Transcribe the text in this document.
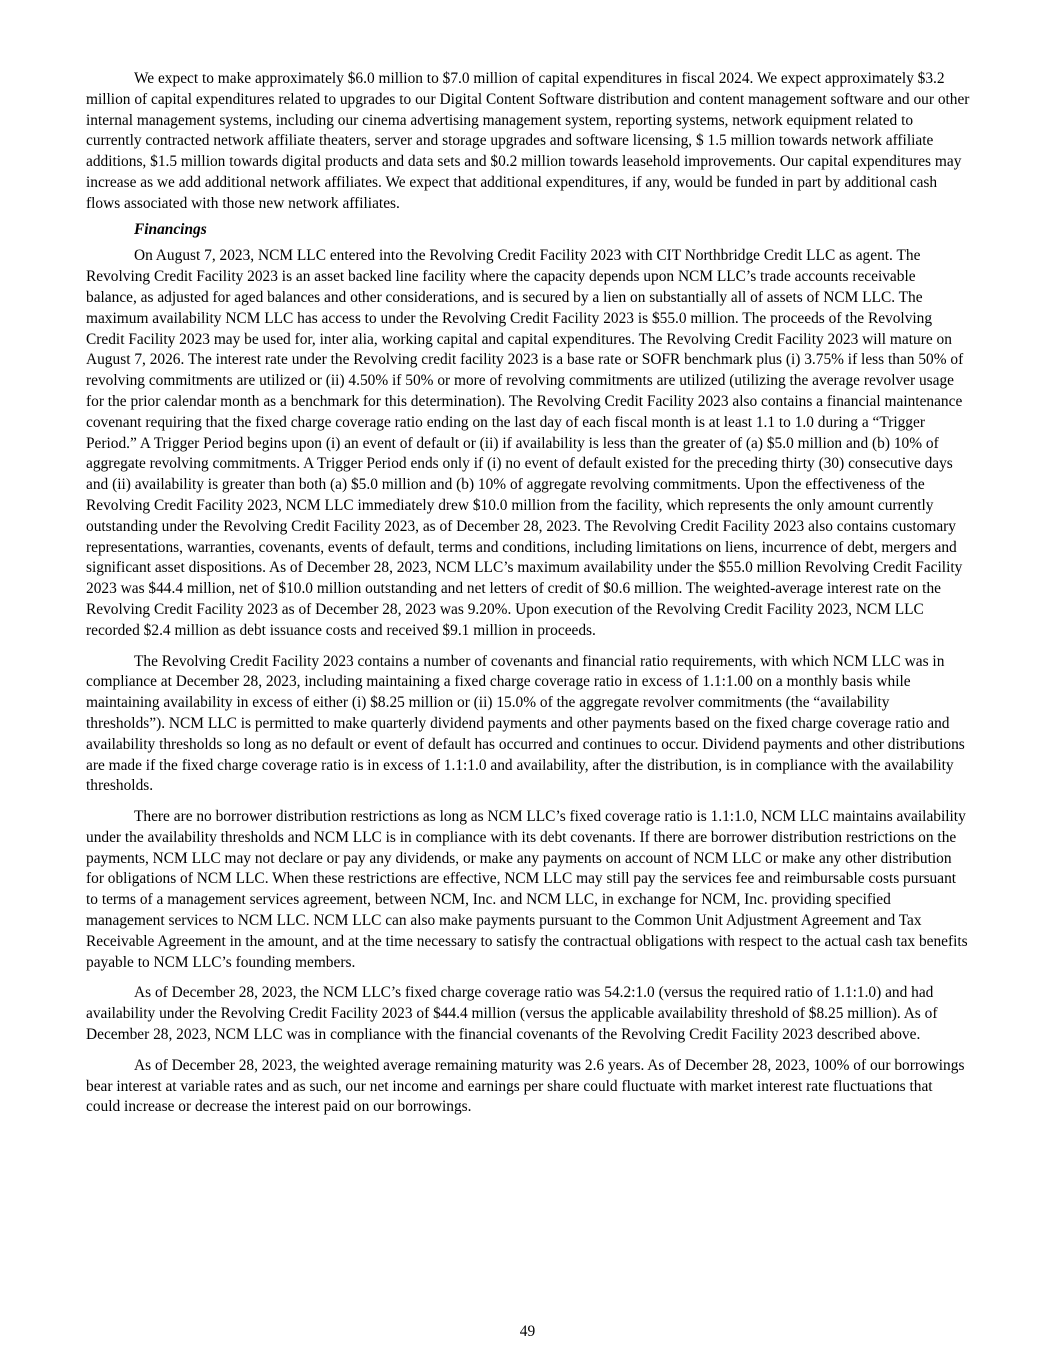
We expect to make approximately $6.0 million to $7.0 million of capital expenditures in fiscal 2024. We expect approximately $3.2 million of capital expenditures related to upgrades to our Digital Content Software distribution and content management software and our other internal management systems, including our cinema advertising management system, reporting systems, network equipment related to currently contracted network affiliate theaters, server and storage upgrades and software licensing, $ 1.5 million towards network affiliate additions, $1.5 million towards digital products and data sets and $0.2 million towards leasehold improvements. Our capital expenditures may increase as we add additional network affiliates. We expect that additional expenditures, if any, would be funded in part by additional cash flows associated with those new network affiliates.

Financings

On August 7, 2023, NCM LLC entered into the Revolving Credit Facility 2023 with CIT Northbridge Credit LLC as agent. The Revolving Credit Facility 2023 is an asset backed line facility where the capacity depends upon NCM LLC’s trade accounts receivable balance, as adjusted for aged balances and other considerations, and is secured by a lien on substantially all of assets of NCM LLC. The maximum availability NCM LLC has access to under the Revolving Credit Facility 2023 is $55.0 million. The proceeds of the Revolving Credit Facility 2023 may be used for, inter alia, working capital and capital expenditures. The Revolving Credit Facility 2023 will mature on August 7, 2026. The interest rate under the Revolving credit facility 2023 is a base rate or SOFR benchmark plus (i) 3.75% if less than 50% of revolving commitments are utilized or (ii) 4.50% if 50% or more of revolving commitments are utilized (utilizing the average revolver usage for the prior calendar month as a benchmark for this determination). The Revolving Credit Facility 2023 also contains a financial maintenance covenant requiring that the fixed charge coverage ratio ending on the last day of each fiscal month is at least 1.1 to 1.0 during a “Trigger Period.” A Trigger Period begins upon (i) an event of default or (ii) if availability is less than the greater of (a) $5.0 million and (b) 10% of aggregate revolving commitments. A Trigger Period ends only if (i) no event of default existed for the preceding thirty (30) consecutive days and (ii) availability is greater than both (a) $5.0 million and (b) 10% of aggregate revolving commitments. Upon the effectiveness of the Revolving Credit Facility 2023, NCM LLC immediately drew $10.0 million from the facility, which represents the only amount currently outstanding under the Revolving Credit Facility 2023, as of December 28, 2023. The Revolving Credit Facility 2023 also contains customary representations, warranties, covenants, events of default, terms and conditions, including limitations on liens, incurrence of debt, mergers and significant asset dispositions. As of December 28, 2023, NCM LLC’s maximum availability under the $55.0 million Revolving Credit Facility 2023 was $44.4 million, net of $10.0 million outstanding and net letters of credit of $0.6 million. The weighted-average interest rate on the Revolving Credit Facility 2023 as of December 28, 2023 was 9.20%. Upon execution of the Revolving Credit Facility 2023, NCM LLC recorded $2.4 million as debt issuance costs and received $9.1 million in proceeds.

The Revolving Credit Facility 2023 contains a number of covenants and financial ratio requirements, with which NCM LLC was in compliance at December 28, 2023, including maintaining a fixed charge coverage ratio in excess of 1.1:1.00 on a monthly basis while maintaining availability in excess of either (i) $8.25 million or (ii) 15.0% of the aggregate revolver commitments (the “availability thresholds”). NCM LLC is permitted to make quarterly dividend payments and other payments based on the fixed charge coverage ratio and availability thresholds so long as no default or event of default has occurred and continues to occur. Dividend payments and other distributions are made if the fixed charge coverage ratio is in excess of 1.1:1.0 and availability, after the distribution, is in compliance with the availability thresholds.

There are no borrower distribution restrictions as long as NCM LLC’s fixed coverage ratio is 1.1:1.0, NCM LLC maintains availability under the availability thresholds and NCM LLC is in compliance with its debt covenants. If there are borrower distribution restrictions on the payments, NCM LLC may not declare or pay any dividends, or make any payments on account of NCM LLC or make any other distribution for obligations of NCM LLC. When these restrictions are effective, NCM LLC may still pay the services fee and reimbursable costs pursuant to terms of a management services agreement, between NCM, Inc. and NCM LLC, in exchange for NCM, Inc. providing specified management services to NCM LLC. NCM LLC can also make payments pursuant to the Common Unit Adjustment Agreement and Tax Receivable Agreement in the amount, and at the time necessary to satisfy the contractual obligations with respect to the actual cash tax benefits payable to NCM LLC’s founding members.

As of December 28, 2023, the NCM LLC’s fixed charge coverage ratio was 54.2:1.0 (versus the required ratio of 1.1:1.0) and had availability under the Revolving Credit Facility 2023 of $44.4 million (versus the applicable availability threshold of $8.25 million). As of December 28, 2023, NCM LLC was in compliance with the financial covenants of the Revolving Credit Facility 2023 described above.

As of December 28, 2023, the weighted average remaining maturity was 2.6 years. As of December 28, 2023, 100% of our borrowings bear interest at variable rates and as such, our net income and earnings per share could fluctuate with market interest rate fluctuations that could increase or decrease the interest paid on our borrowings.

49
